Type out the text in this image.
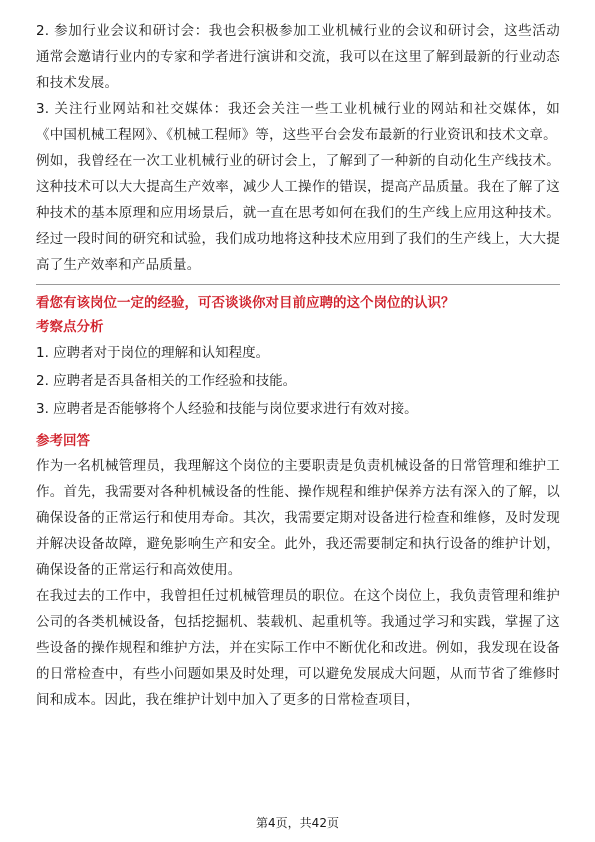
2. 参加行业会议和研讨会：我也会积极参加工业机械行业的会议和研讨会，这些活动通常会邀请行业内的专家和学者进行演讲和交流，我可以在这里了解到最新的行业动态和技术发展。

3. 关注行业网站和社交媒体：我还会关注一些工业机械行业的网站和社交媒体，如《中国机械工程网》、《机械工程师》等，这些平台会发布最新的行业资讯和技术文章。

例如，我曾经在一次工业机械行业的研讨会上，了解到了一种新的自动化生产线技术。这种技术可以大大提高生产效率，减少人工操作的错误，提高产品质量。我在了解了这种技术的基本原理和应用场景后，就一直在思考如何在我们的生产线上应用这种技术。经过一段时间的研究和试验，我们成功地将这种技术应用到了我们的生产线上，大大提高了生产效率和产品质量。

看您有该岗位一定的经验，可否谈谈你对目前应聘的这个岗位的认识？

考察点分析

1. 应聘者对于岗位的理解和认知程度。

2. 应聘者是否具备相关的工作经验和技能。

3. 应聘者是否能够将个人经验和技能与岗位要求进行有效对接。

参考回答

作为一名机械管理员，我理解这个岗位的主要职责是负责机械设备的日常管理和维护工作。首先，我需要对各种机械设备的性能、操作规程和维护保养方法有深入的了解，以确保设备的正常运行和使用寿命。其次，我需要定期对设备进行检查和维修，及时发现并解决设备故障，避免影响生产和安全。此外，我还需要制定和执行设备的维护计划，确保设备的正常运行和高效使用。

在我过去的工作中，我曾担任过机械管理员的职位。在这个岗位上，我负责管理和维护公司的各类机械设备，包括挖掘机、装载机、起重机等。我通过学习和实践，掌握了这些设备的操作规程和维护方法，并在实际工作中不断优化和改进。例如，我发现在设备的日常检查中，有些小问题如果及时处理，可以避免发展成大问题，从而节省了维修时间和成本。因此，我在维护计划中加入了更多的日常检查项目，

第4页，共42页
